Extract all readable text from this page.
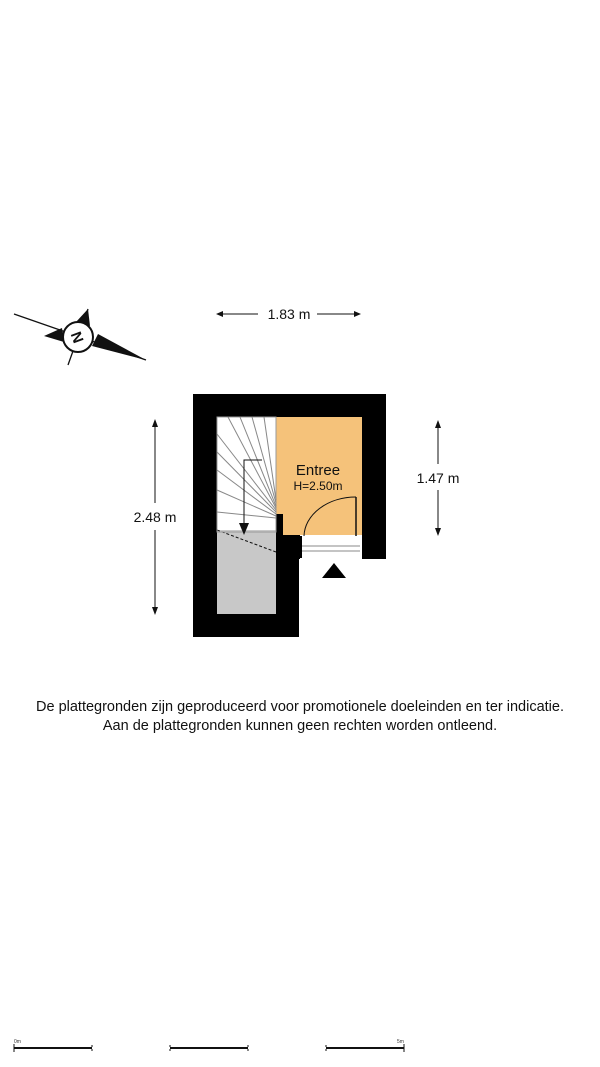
N
1.83 m
2.48 m
1.47 m
Entree
H=2.50m
0m	5m
De plattegronden zijn geproduceerd voor promotionele doeleinden en ter indicatie.
Aan de plattegronden kunnen geen rechten worden ontleend.
